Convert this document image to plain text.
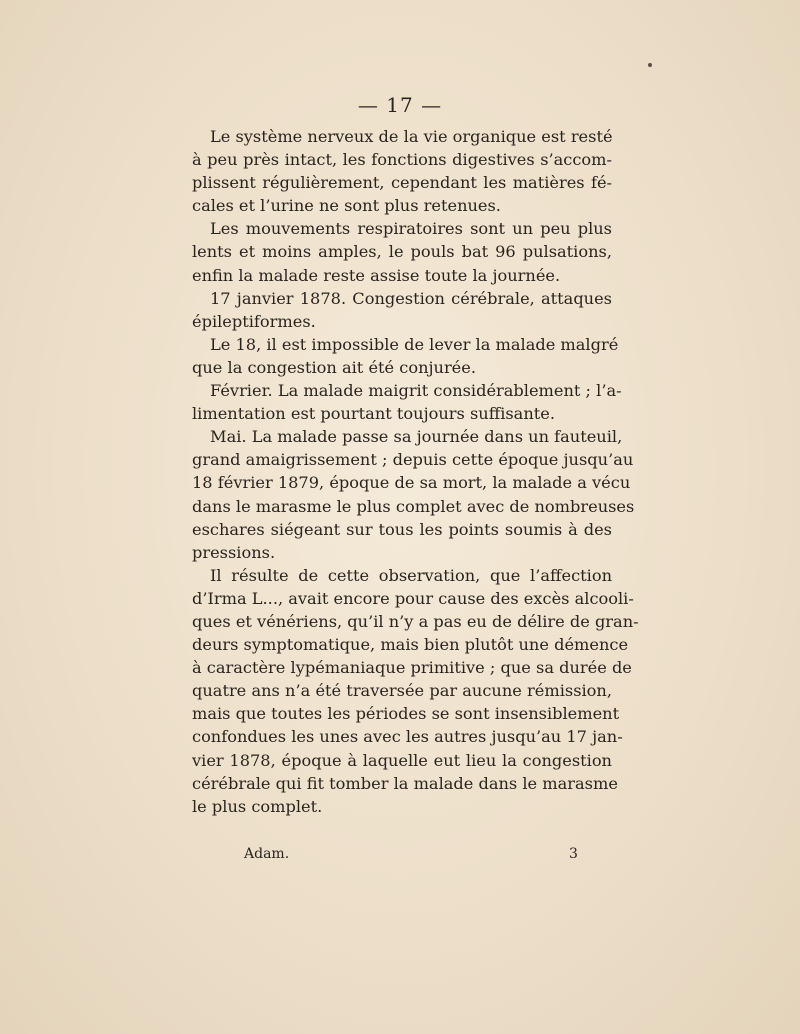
— 17 —
Le système nerveux de la vie organique est resté
à peu près intact, les fonctions digestives s’accom-
plissent régulièrement, cependant les matières fé-
cales et l’urine ne sont plus retenues.
Les mouvements respiratoires sont un peu plus
lents et moins amples, le pouls bat 96 pulsations,
enfin la malade reste assise toute la journée.
17 janvier 1878. Congestion cérébrale, attaques
épileptiformes.
Le 18, il est impossible de lever la malade malgré
que la congestion ait été conjurée.
Février. La malade maigrit considérablement ; l’a-
limentation est pourtant toujours suffisante.
Mai. La malade passe sa journée dans un fauteuil,
grand amaigrissement ; depuis cette époque jusqu’au
18 février 1879, époque de sa mort, la malade a vécu
dans le marasme le plus complet avec de nombreuses
eschares siégeant sur tous les points soumis à des
pressions.
Il résulte de cette observation, que l’affection
d’Irma L..., avait encore pour cause des excès alcooli-
ques et vénériens, qu’il n’y a pas eu de délire de gran-
deurs symptomatique, mais bien plutôt une démence
à caractère lypémaniaque primitive ; que sa durée de
quatre ans n’a été traversée par aucune rémission,
mais que toutes les périodes se sont insensiblement
confondues les unes avec les autres jusqu’au 17 jan-
vier 1878, époque à laquelle eut lieu la congestion
cérébrale qui fit tomber la malade dans le marasme
le plus complet.
Adam.	3
